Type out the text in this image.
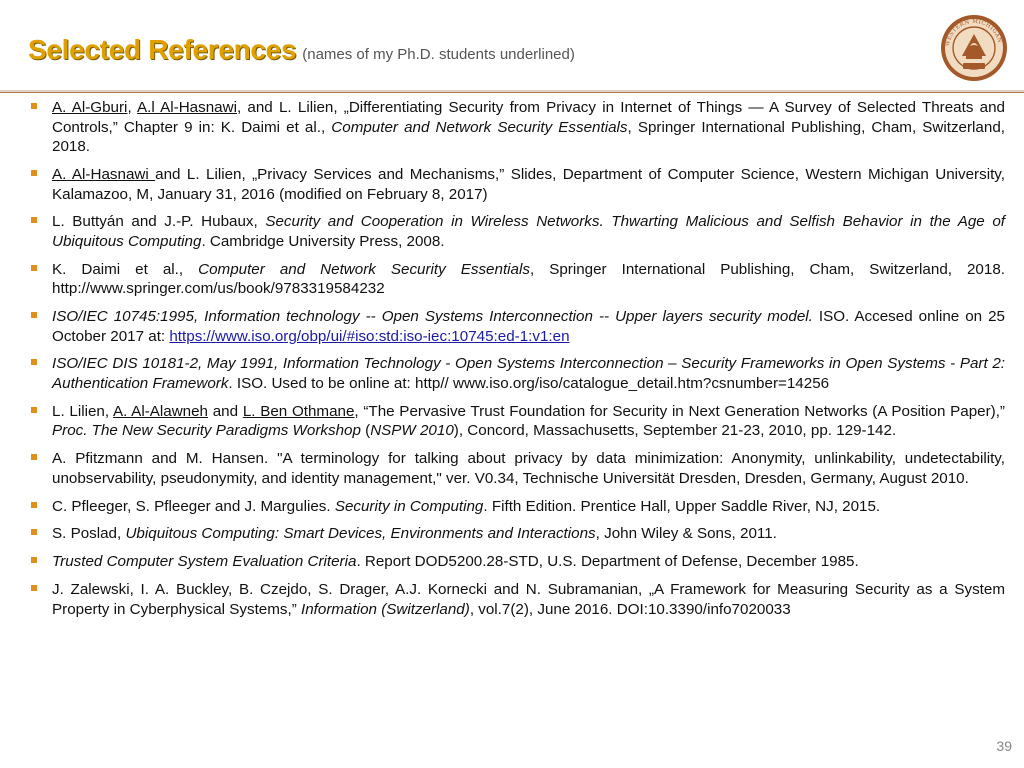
Selected References (names of my Ph.D. students underlined)
WESTERN MICHIGAN
A. Al-Gburi, A.l Al-Hasnawi, and L. Lilien, „Differentiating Security from Privacy in Internet of Things — A Survey of Selected Threats and Controls,” Chapter 9 in: K. Daimi et al., Computer and Network Security Essentials, Springer International Publishing, Cham, Switzerland, 2018.
A. Al-Hasnawi and L. Lilien, „Privacy Services and Mechanisms,” Slides, Department of Computer Science, Western Michigan University, Kalamazoo, M, January 31, 2016 (modified on February 8, 2017)
L. Buttyán and J.-P. Hubaux, Security and Cooperation in Wireless Networks. Thwarting Malicious and Selfish Behavior in the Age of Ubiquitous Computing. Cambridge University Press, 2008.
K. Daimi et al., Computer and Network Security Essentials, Springer International Publishing, Cham, Switzerland, 2018. http://www.springer.com/us/book/9783319584232
ISO/IEC 10745:1995, Information technology -- Open Systems Interconnection -- Upper layers security model. ISO. Accesed online on 25 October 2017 at: https://www.iso.org/obp/ui/#iso:std:iso-iec:10745:ed-1:v1:en
ISO/IEC DIS 10181-2, May 1991, Information Technology - Open Systems Interconnection – Security Frameworks in Open Systems - Part 2: Authentication Framework. ISO. Used to be online at: http// www.iso.org/iso/catalogue_detail.htm?csnumber=14256
L. Lilien, A. Al-Alawneh and L. Ben Othmane, “The Pervasive Trust Foundation for Security in Next Generation Networks (A Position Paper),” Proc. The New Security Paradigms Workshop (NSPW 2010), Concord, Massachusetts, September 21-23, 2010, pp. 129-142.
A. Pfitzmann and M. Hansen. "A terminology for talking about privacy by data minimization: Anonymity, unlinkability, undetectability, unobservability, pseudonymity, and identity management," ver. V0.34, Technische Universität Dresden, Dresden, Germany, August 2010.
C. Pfleeger, S. Pfleeger and J. Margulies. Security in Computing. Fifth Edition. Prentice Hall, Upper Saddle River, NJ, 2015.
S. Poslad, Ubiquitous Computing: Smart Devices, Environments and Interactions, John Wiley & Sons, 2011.
Trusted Computer System Evaluation Criteria. Report DOD5200.28-STD, U.S. Department of Defense, December 1985.
J. Zalewski, I. A. Buckley, B. Czejdo, S. Drager, A.J. Kornecki and N. Subramanian, „A Framework for Measuring Security as a System Property in Cyberphysical Systems,” Information (Switzerland), vol.7(2), June 2016. DOI:10.3390/info7020033
39
